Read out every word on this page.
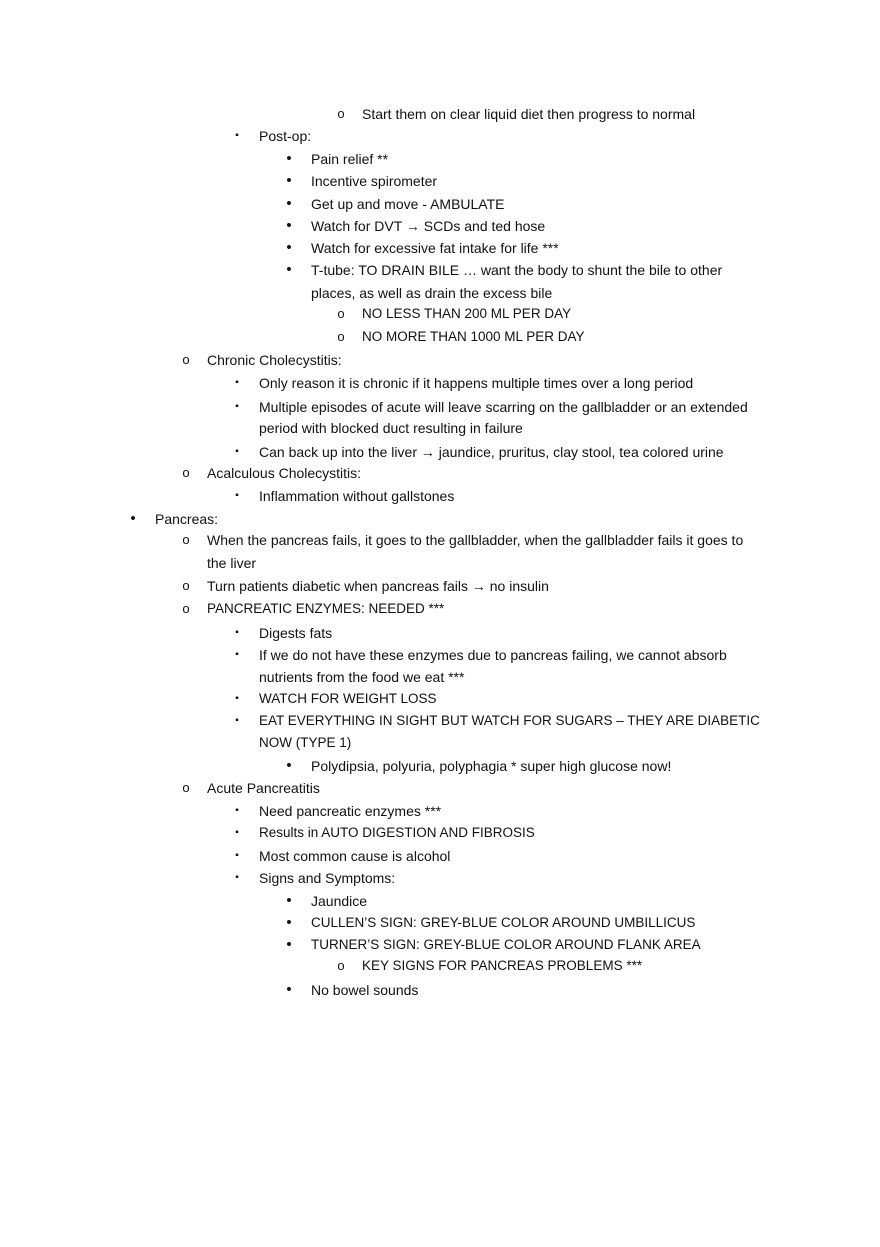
o	Start them on clear liquid diet then progress to normal
▪	Post-op:
•	Pain relief **
•	Incentive spirometer
•	Get up and move - AMBULATE
•	Watch for DVT → SCDs and ted hose
•	Watch for excessive fat intake for life ***
•	T-tube: TO DRAIN BILE … want the body to shunt the bile to other
places, as well as drain the excess bile
o	NO LESS THAN 200 ML PER DAY
o	NO MORE THAN 1000 ML PER DAY
o	Chronic Cholecystitis:
▪	Only reason it is chronic if it happens multiple times over a long period
▪	Multiple episodes of acute will leave scarring on the gallbladder or an extended
period with blocked duct resulting in failure
▪	Can back up into the liver → jaundice, pruritus, clay stool, tea colored urine
o	Acalculous Cholecystitis:
▪	Inflammation without gallstones
•	Pancreas:
o	When the pancreas fails, it goes to the gallbladder, when the gallbladder fails it goes to
the liver
o	Turn patients diabetic when pancreas fails → no insulin
o	PANCREATIC ENZYMES: NEEDED ***
▪	Digests fats
▪	If we do not have these enzymes due to pancreas failing, we cannot absorb
nutrients from the food we eat ***
▪	WATCH FOR WEIGHT LOSS
▪	EAT EVERYTHING IN SIGHT BUT WATCH FOR SUGARS – THEY ARE DIABETIC
NOW (TYPE 1)
•	Polydipsia, polyuria, polyphagia * super high glucose now!
o	Acute Pancreatitis
▪	Need pancreatic enzymes ***
▪	Results in AUTO DIGESTION AND FIBROSIS
▪	Most common cause is alcohol
▪	Signs and Symptoms:
•	Jaundice
•	CULLEN’S SIGN: GREY-BLUE COLOR AROUND UMBILLICUS
•	TURNER’S SIGN: GREY-BLUE COLOR AROUND FLANK AREA
o	KEY SIGNS FOR PANCREAS PROBLEMS ***
•	No bowel sounds
